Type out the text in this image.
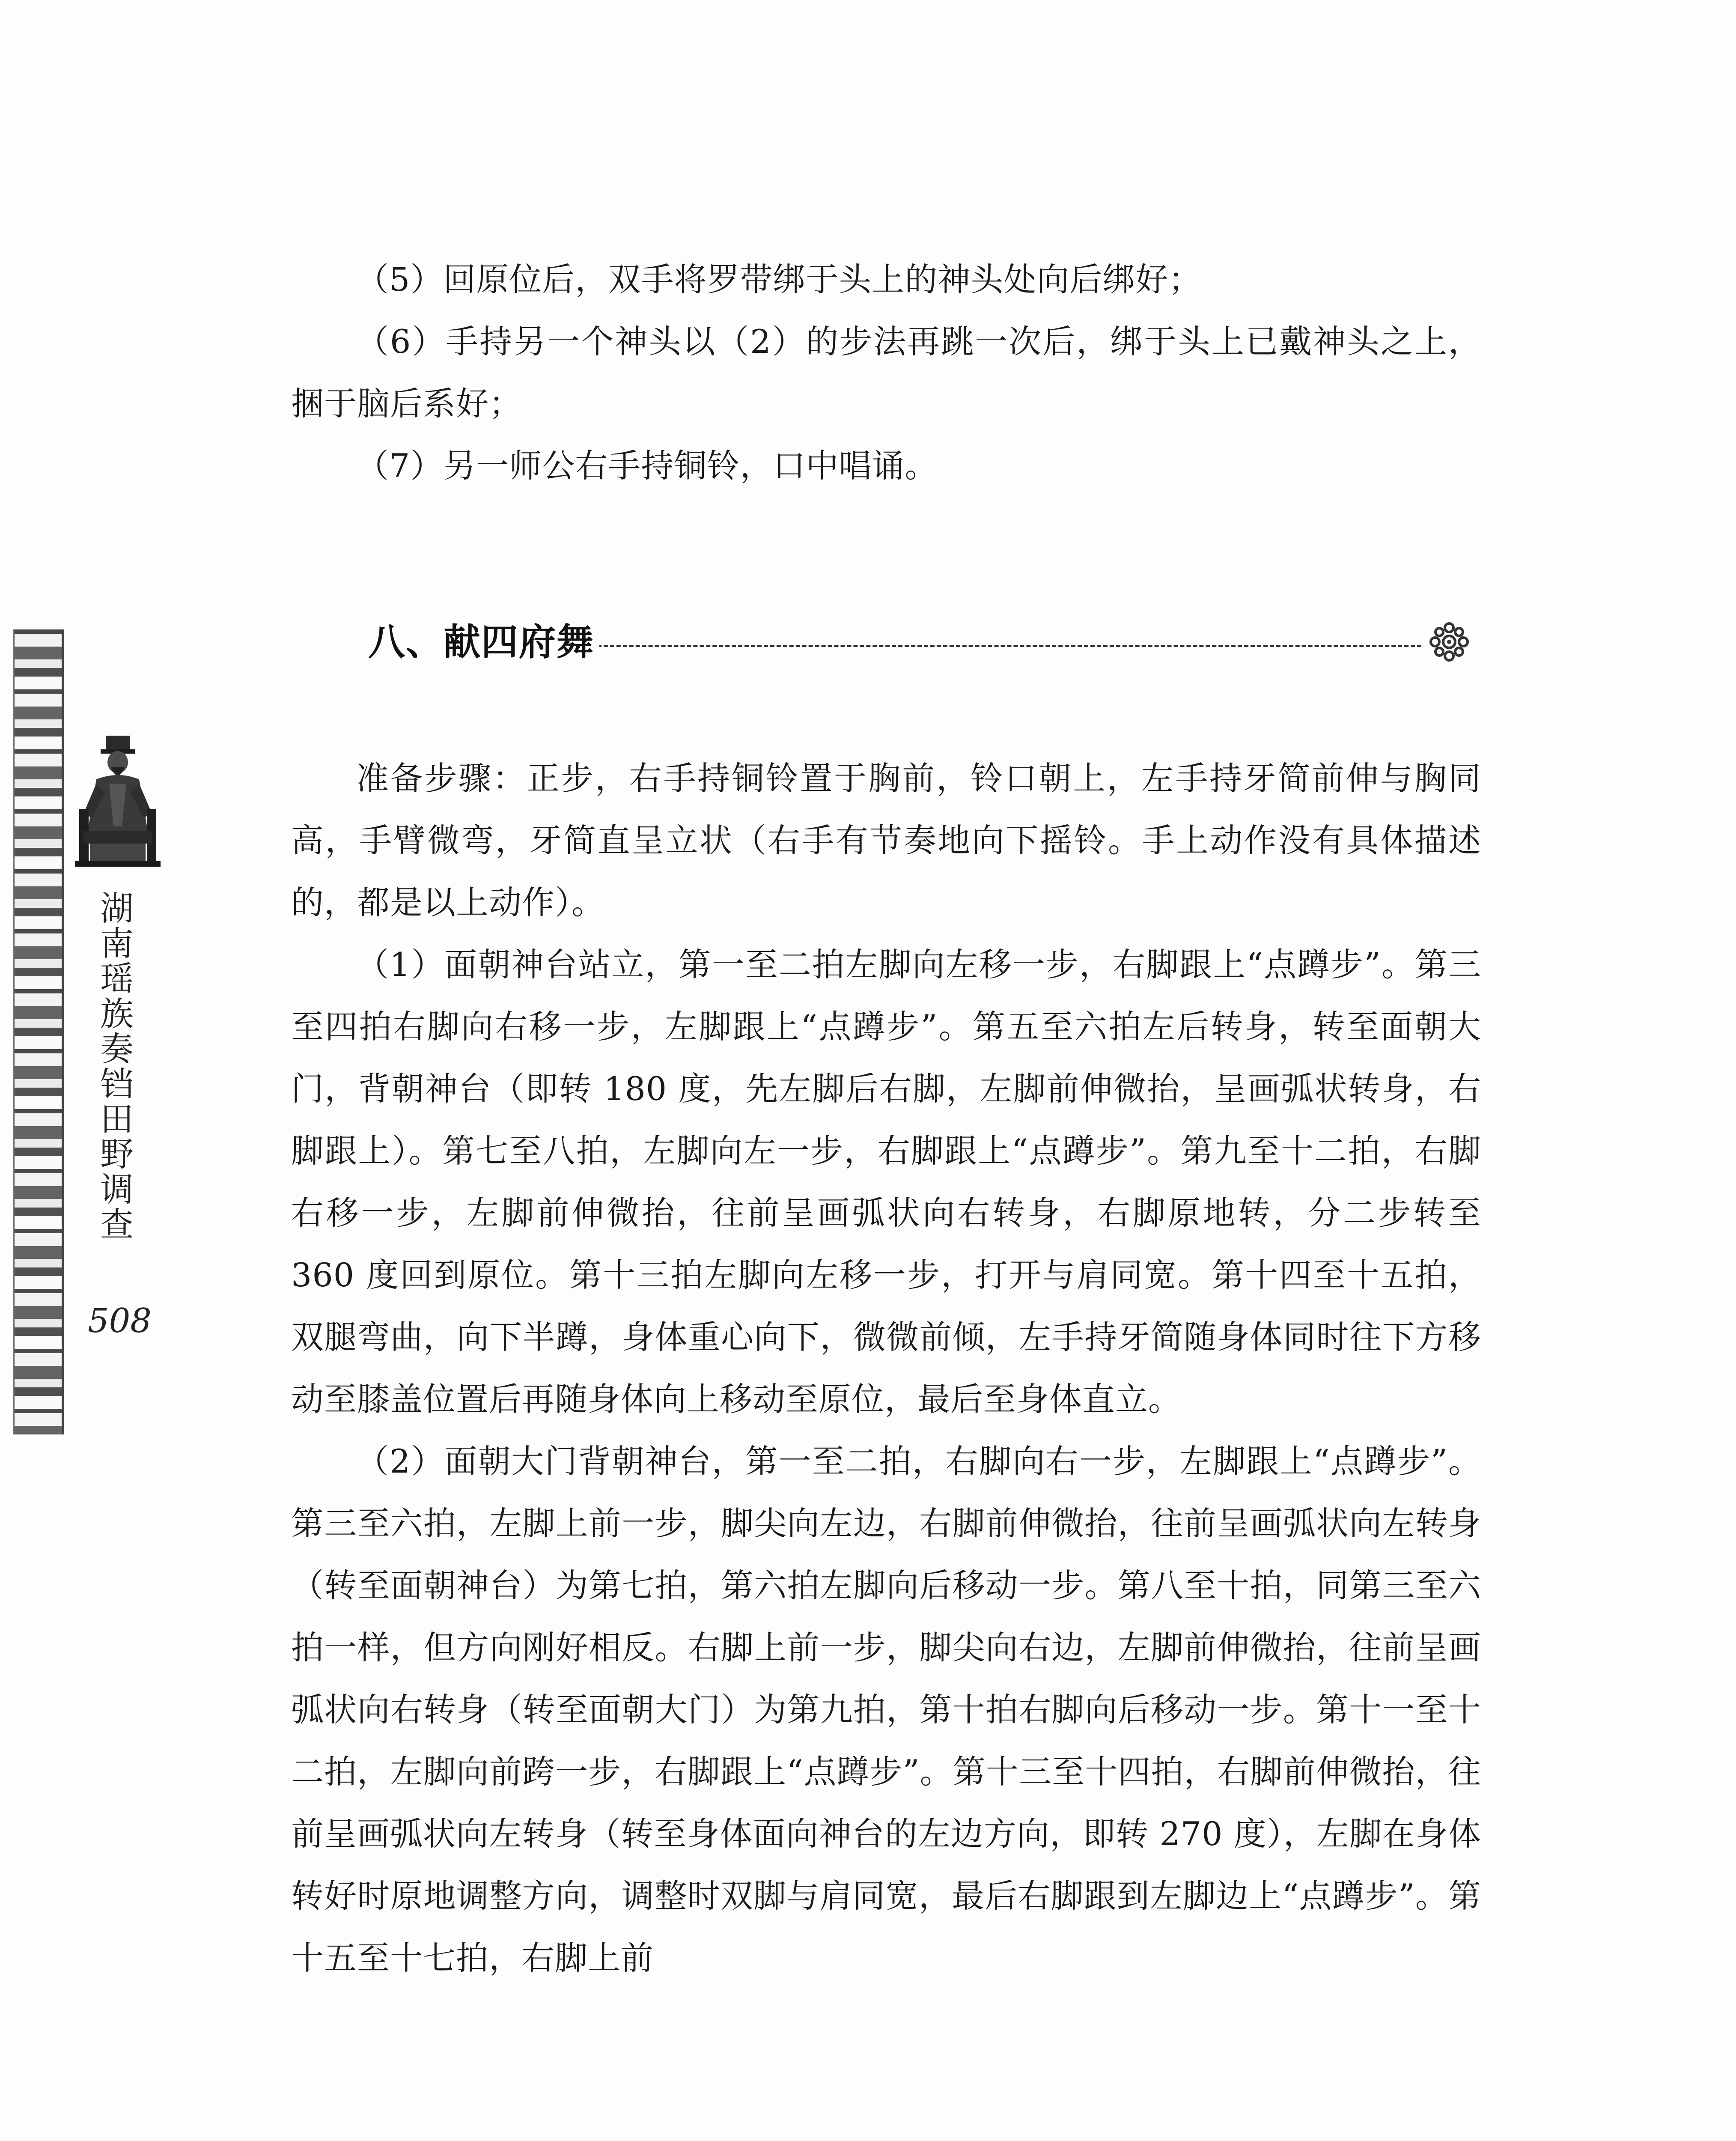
湖南瑶族奏铛田野调查
508

（5）回原位后，双手将罗带绑于头上的神头处向后绑好；

（6）手持另一个神头以（2）的步法再跳一次后，绑于头上已戴神头之上，捆于脑后系好；

（7）另一师公右手持铜铃，口中唱诵。

八、献四府舞

准备步骤：正步，右手持铜铃置于胸前，铃口朝上，左手持牙简前伸与胸同高，手臂微弯，牙简直呈立状（右手有节奏地向下摇铃。手上动作没有具体描述的，都是以上动作）。

（1）面朝神台站立，第一至二拍左脚向左移一步，右脚跟上“点蹲步”。第三至四拍右脚向右移一步，左脚跟上“点蹲步”。第五至六拍左后转身，转至面朝大门，背朝神台（即转 180 度，先左脚后右脚，左脚前伸微抬，呈画弧状转身，右脚跟上）。第七至八拍，左脚向左一步，右脚跟上“点蹲步”。第九至十二拍，右脚右移一步，左脚前伸微抬，往前呈画弧状向右转身，右脚原地转，分二步转至 360 度回到原位。第十三拍左脚向左移一步，打开与肩同宽。第十四至十五拍，双腿弯曲，向下半蹲，身体重心向下，微微前倾，左手持牙简随身体同时往下方移动至膝盖位置后再随身体向上移动至原位，最后至身体直立。

（2）面朝大门背朝神台，第一至二拍，右脚向右一步，左脚跟上“点蹲步”。第三至六拍，左脚上前一步，脚尖向左边，右脚前伸微抬，往前呈画弧状向左转身（转至面朝神台）为第七拍，第六拍左脚向后移动一步。第八至十拍，同第三至六拍一样，但方向刚好相反。右脚上前一步，脚尖向右边，左脚前伸微抬，往前呈画弧状向右转身（转至面朝大门）为第九拍，第十拍右脚向后移动一步。第十一至十二拍，左脚向前跨一步，右脚跟上“点蹲步”。第十三至十四拍，右脚前伸微抬，往前呈画弧状向左转身（转至身体面向神台的左边方向，即转 270 度），左脚在身体转好时原地调整方向，调整时双脚与肩同宽，最后右脚跟到左脚边上“点蹲步”。第十五至十七拍，右脚上前
